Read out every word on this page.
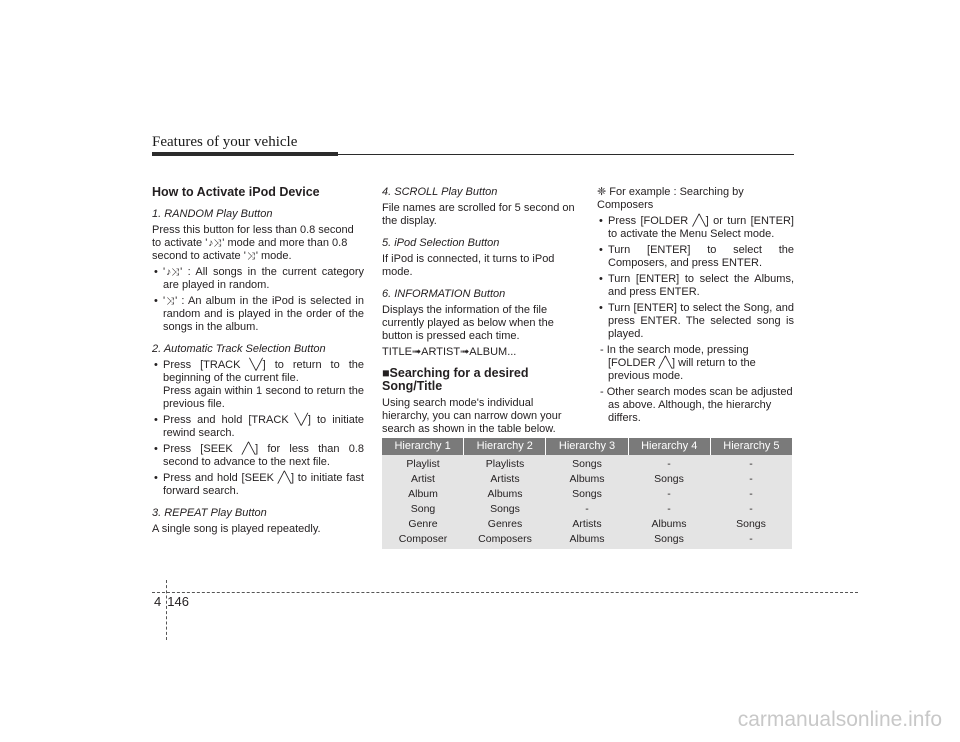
Features of your vehicle
How to Activate iPod Device
1. RANDOM Play Button

Press this button for less than 0.8 second to activate '♪⤨' mode and more than 0.8 second to activate '⤨' mode.

• '♪⤨' : All songs in the current category are played in random.
• '⤨' : An album in the iPod is selected in random and is played in the order of the songs in the album.
2. Automatic Track Selection Button
• Press [TRACK ╲╱] to return to the beginning of the current file.
Press again within 1 second to return the previous file.
• Press and hold [TRACK ╲╱] to initiate rewind search.
• Press [SEEK ╱╲] for less than 0.8 second to advance to the next file.
• Press and hold [SEEK ╱╲] to initiate fast forward search.
3. REPEAT Play Button

A single song is played repeatedly.

4. SCROLL Play Button

File names are scrolled for 5 second on the display.

5. iPod Selection Button

If iPod is connected, it turns to iPod mode.

6. INFORMATION Button

Displays the information of the file currently played as below when the button is pressed each time.

TITLE➟ARTIST➟ALBUM...

■Searching for a desired Song/Title

Using search mode's individual hierarchy, you can narrow down your search as shown in the table below.

❈ For example : Searching by Composers

• Press [FOLDER ╱╲] or turn [ENTER] to activate the Menu Select mode.
• Turn [ENTER] to select the Composers, and press ENTER.
• Turn [ENTER] to select the Albums, and press ENTER.
• Turn [ENTER] to select the Song, and press ENTER. The selected song is played.

- In the search mode, pressing [FOLDER ╱╲] will return to the previous mode.

- Other search modes scan be adjusted as above. Although, the hierarchy differs.

Hierarchy 1	Hierarchy 2	Hierarchy 3	Hierarchy 4	Hierarchy 5
Playlist	Playlists	Songs	-	-
Artist	Artists	Albums	Songs	-
Album	Albums	Songs	-	-
Song	Songs	-	-	-
Genre	Genres	Artists	Albums	Songs
Composer	Composers	Albums	Songs	-
4 146
carmanualsonline.info
